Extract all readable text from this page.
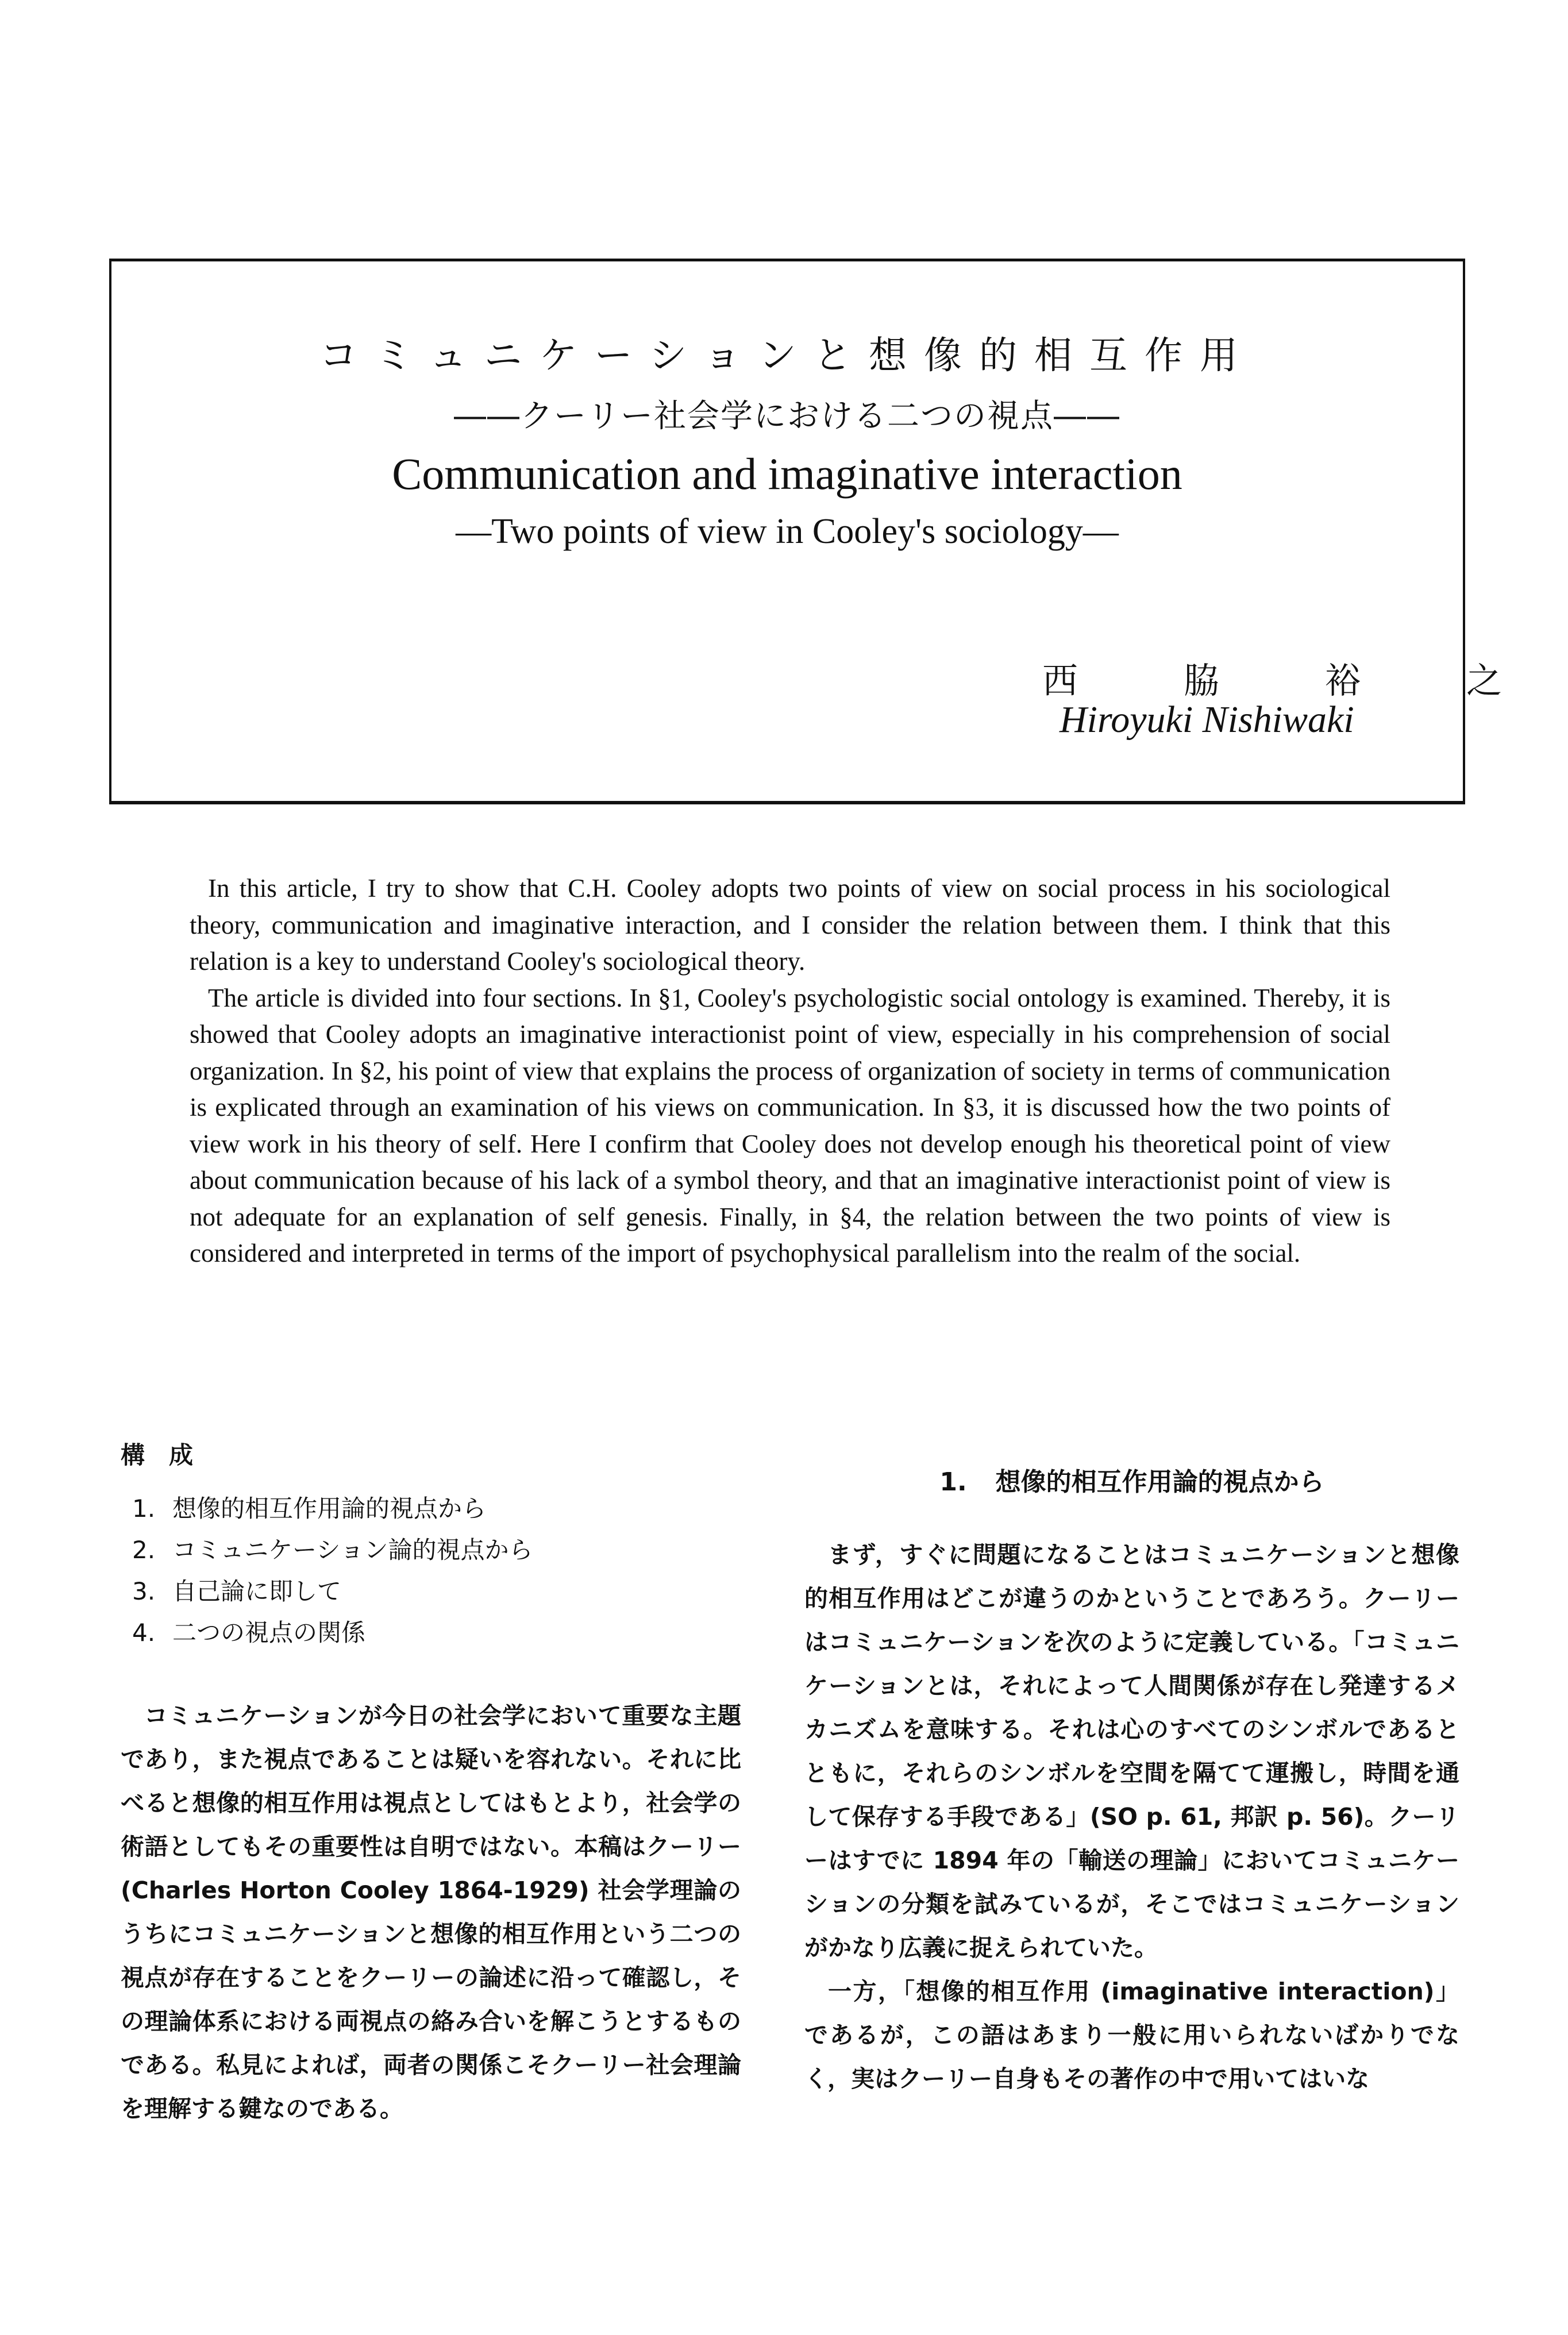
コミュニケーションと想像的相互作用
――クーリー社会学における二つの視点――
Communication and imaginative interaction
—Two points of view in Cooley's sociology—
西	脇	裕	之
Hiroyuki Nishiwaki

In this article, I try to show that C.H. Cooley adopts two points of view on social process in his sociological theory, communication and imaginative interaction, and I consider the relation between them. I think that this relation is a key to understand Cooley's sociological theory.

The article is divided into four sections. In §1, Cooley's psychologistic social ontology is examined. Thereby, it is showed that Cooley adopts an imaginative interactionist point of view, especially in his comprehension of social organization. In §2, his point of view that explains the process of organization of society in terms of communication is explicated through an examination of his views on communication. In §3, it is discussed how the two points of view work in his theory of self. Here I confirm that Cooley does not develop enough his theoretical point of view about communication because of his lack of a symbol theory, and that an imaginative interactionist point of view is not adequate for an explanation of self genesis. Finally, in §4, the relation between the two points of view is considered and interpreted in terms of the import of psychophysical parallelism into the realm of the social.

構　成
1. 想像的相互作用論的視点から
2. コミュニケーション論的視点から
3. 自己論に即して
4. 二つの視点の関係

コミュニケーションが今日の社会学において重要な主題であり，また視点であることは疑いを容れない。それに比べると想像的相互作用は視点としてはもとより，社会学の術語としてもその重要性は自明ではない。本稿はクーリー (Charles Horton Cooley 1864-1929) 社会学理論のうちにコミュニケーションと想像的相互作用という二つの視点が存在することをクーリーの論述に沿って確認し，その理論体系における両視点の絡み合いを解こうとするものである。私見によれば，両者の関係こそクーリー社会理論を理解する鍵なのである。

1. 想像的相互作用論的視点から

まず，すぐに問題になることはコミュニケーションと想像的相互作用はどこが違うのかということであろう。クーリーはコミュニケーションを次のように定義している。「コミュニケーションとは，それによって人間関係が存在し発達するメカニズムを意味する。それは心のすべてのシンボルであるとともに，それらのシンボルを空間を隔てて運搬し，時間を通して保存する手段である」(SO p. 61, 邦訳 p. 56)。クーリーはすでに 1894 年の「輸送の理論」においてコミュニケーションの分類を試みているが，そこではコミュニケーションがかなり広義に捉えられていた。

一方，「想像的相互作用 (imaginative interaction)」であるが，この語はあまり一般に用いられないばかりでなく，実はクーリー自身もその著作の中で用いてはいな
